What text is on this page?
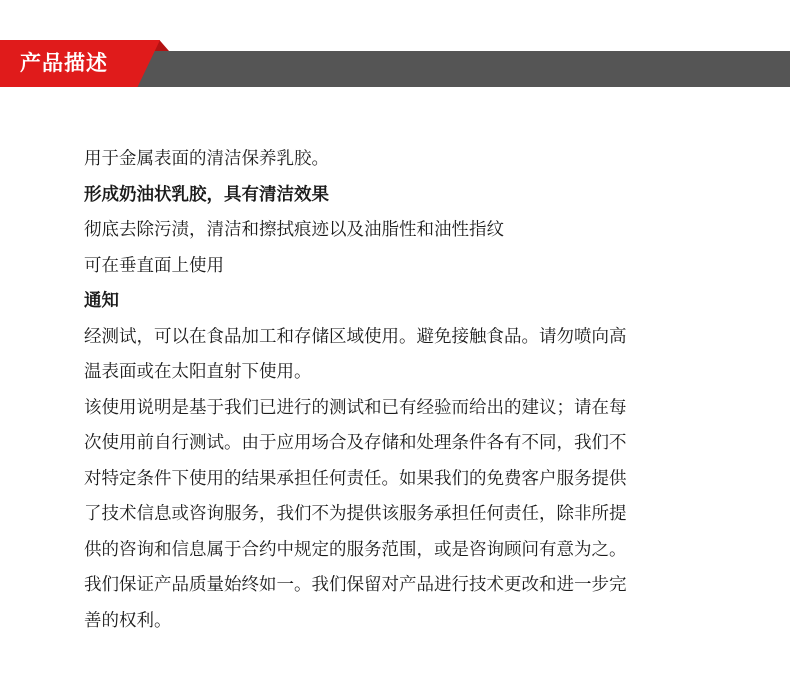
产品描述
用于金属表面的清洁保养乳胶。
形成奶油状乳胶，具有清洁效果
彻底去除污渍，清洁和擦拭痕迹以及油脂性和油性指纹
可在垂直面上使用
通知
经测试，可以在食品加工和存储区域使用。避免接触食品。请勿喷向高
温表面或在太阳直射下使用。
该使用说明是基于我们已进行的测试和已有经验而给出的建议；请在每
次使用前自行测试。由于应用场合及存储和处理条件各有不同，我们不
对特定条件下使用的结果承担任何责任。如果我们的免费客户服务提供
了技术信息或咨询服务，我们不为提供该服务承担任何责任，除非所提
供的咨询和信息属于合约中规定的服务范围，或是咨询顾问有意为之。
我们保证产品质量始终如一。我们保留对产品进行技术更改和进一步完
善的权利。
